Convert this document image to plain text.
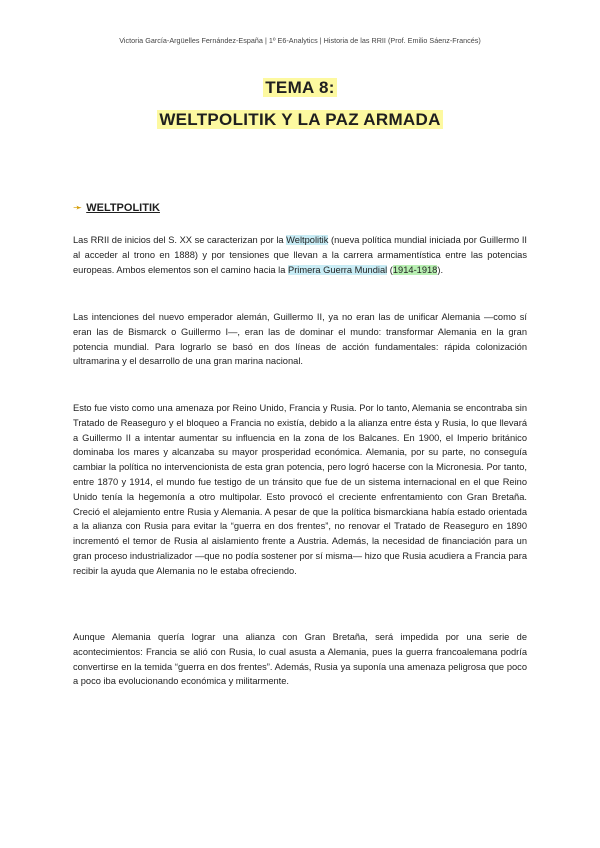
Victoria García-Argüelles Fernández-España | 1º E6-Analytics | Historia de las RRII (Prof. Emilio Sáenz-Francés)
TEMA 8:
WELTPOLITIK Y LA PAZ ARMADA
➛ WELTPOLITIK
Las RRII de inicios del S. XX se caracterizan por la Weltpolitik (nueva política mundial iniciada por Guillermo II al acceder al trono en 1888) y por tensiones que llevan a la carrera armamentística entre las potencias europeas. Ambos elementos son el camino hacia la Primera Guerra Mundial (1914-1918).
Las intenciones del nuevo emperador alemán, Guillermo II, ya no eran las de unificar Alemania —como sí eran las de Bismarck o Guillermo I—, eran las de dominar el mundo: transformar Alemania en la gran potencia mundial. Para lograrlo se basó en dos líneas de acción fundamentales: rápida colonización ultramarina y el desarrollo de una gran marina nacional.
Esto fue visto como una amenaza por Reino Unido, Francia y Rusia. Por lo tanto, Alemania se encontraba sin Tratado de Reaseguro y el bloqueo a Francia no existía, debido a la alianza entre ésta y Rusia, lo que llevará a Guillermo II a intentar aumentar su influencia en la zona de los Balcanes. En 1900, el Imperio británico dominaba los mares y alcanzaba su mayor prosperidad económica. Alemania, por su parte, no conseguía cambiar la política no intervencionista de esta gran potencia, pero logró hacerse con la Micronesia. Por tanto, entre 1870 y 1914, el mundo fue testigo de un tránsito que fue de un sistema internacional en el que Reino Unido tenía la hegemonía a otro multipolar. Esto provocó el creciente enfrentamiento con Gran Bretaña. Creció el alejamiento entre Rusia y Alemania. A pesar de que la política bismarckiana había estado orientada a la alianza con Rusia para evitar la “guerra en dos frentes”, no renovar el Tratado de Reaseguro en 1890 incrementó el temor de Rusia al aislamiento frente a Austria. Además, la necesidad de financiación para un gran proceso industrializador —que no podía sostener por sí misma— hizo que Rusia acudiera a Francia para recibir la ayuda que Alemania no le estaba ofreciendo.
Aunque Alemania quería lograr una alianza con Gran Bretaña, será impedida por una serie de acontecimientos: Francia se alió con Rusia, lo cual asusta a Alemania, pues la guerra francoalemana podría convertirse en la temida “guerra en dos frentes”. Además, Rusia ya suponía una amenaza peligrosa que poco a poco iba evolucionando económica y militarmente.
